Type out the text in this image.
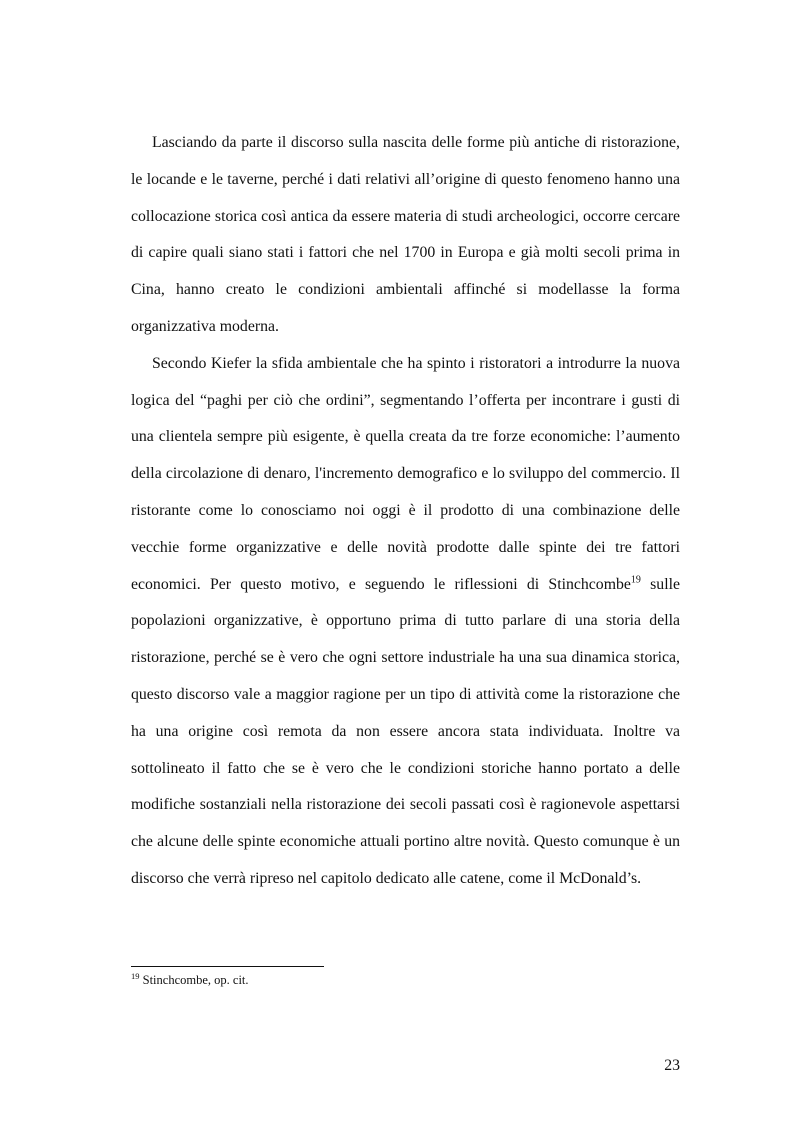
Lasciando da parte il discorso sulla nascita delle forme più antiche di ristorazione, le locande e le taverne, perché i dati relativi all’origine di questo fenomeno hanno una collocazione storica così antica da essere materia di studi archeologici, occorre cercare di capire quali siano stati i fattori che nel 1700 in Europa e già molti secoli prima in Cina, hanno creato le condizioni ambientali affinché si modellasse la forma organizzativa moderna.

Secondo Kiefer la sfida ambientale che ha spinto i ristoratori a introdurre la nuova logica del “paghi per ciò che ordini”, segmentando l’offerta per incontrare i gusti di una clientela sempre più esigente, è quella creata da tre forze economiche: l’aumento della circolazione di denaro, l'incremento demografico e lo sviluppo del commercio. Il ristorante come lo conosciamo noi oggi è il prodotto di una combinazione delle vecchie forme organizzative e delle novità prodotte dalle spinte dei tre fattori economici. Per questo motivo, e seguendo le riflessioni di Stinchcombe$^{19}$ sulle popolazioni organizzative, è opportuno prima di tutto parlare di una storia della ristorazione, perché se è vero che ogni settore industriale ha una sua dinamica storica, questo discorso vale a maggior ragione per un tipo di attività come la ristorazione che ha una origine così remota da non essere ancora stata individuata. Inoltre va sottolineato il fatto che se è vero che le condizioni storiche hanno portato a delle modifiche sostanziali nella ristorazione dei secoli passati così è ragionevole aspettarsi che alcune delle spinte economiche attuali portino altre novità. Questo comunque è un discorso che verrà ripreso nel capitolo dedicato alle catene, come il McDonald’s.

$^{19}$ Stinchcombe, op. cit.
23
